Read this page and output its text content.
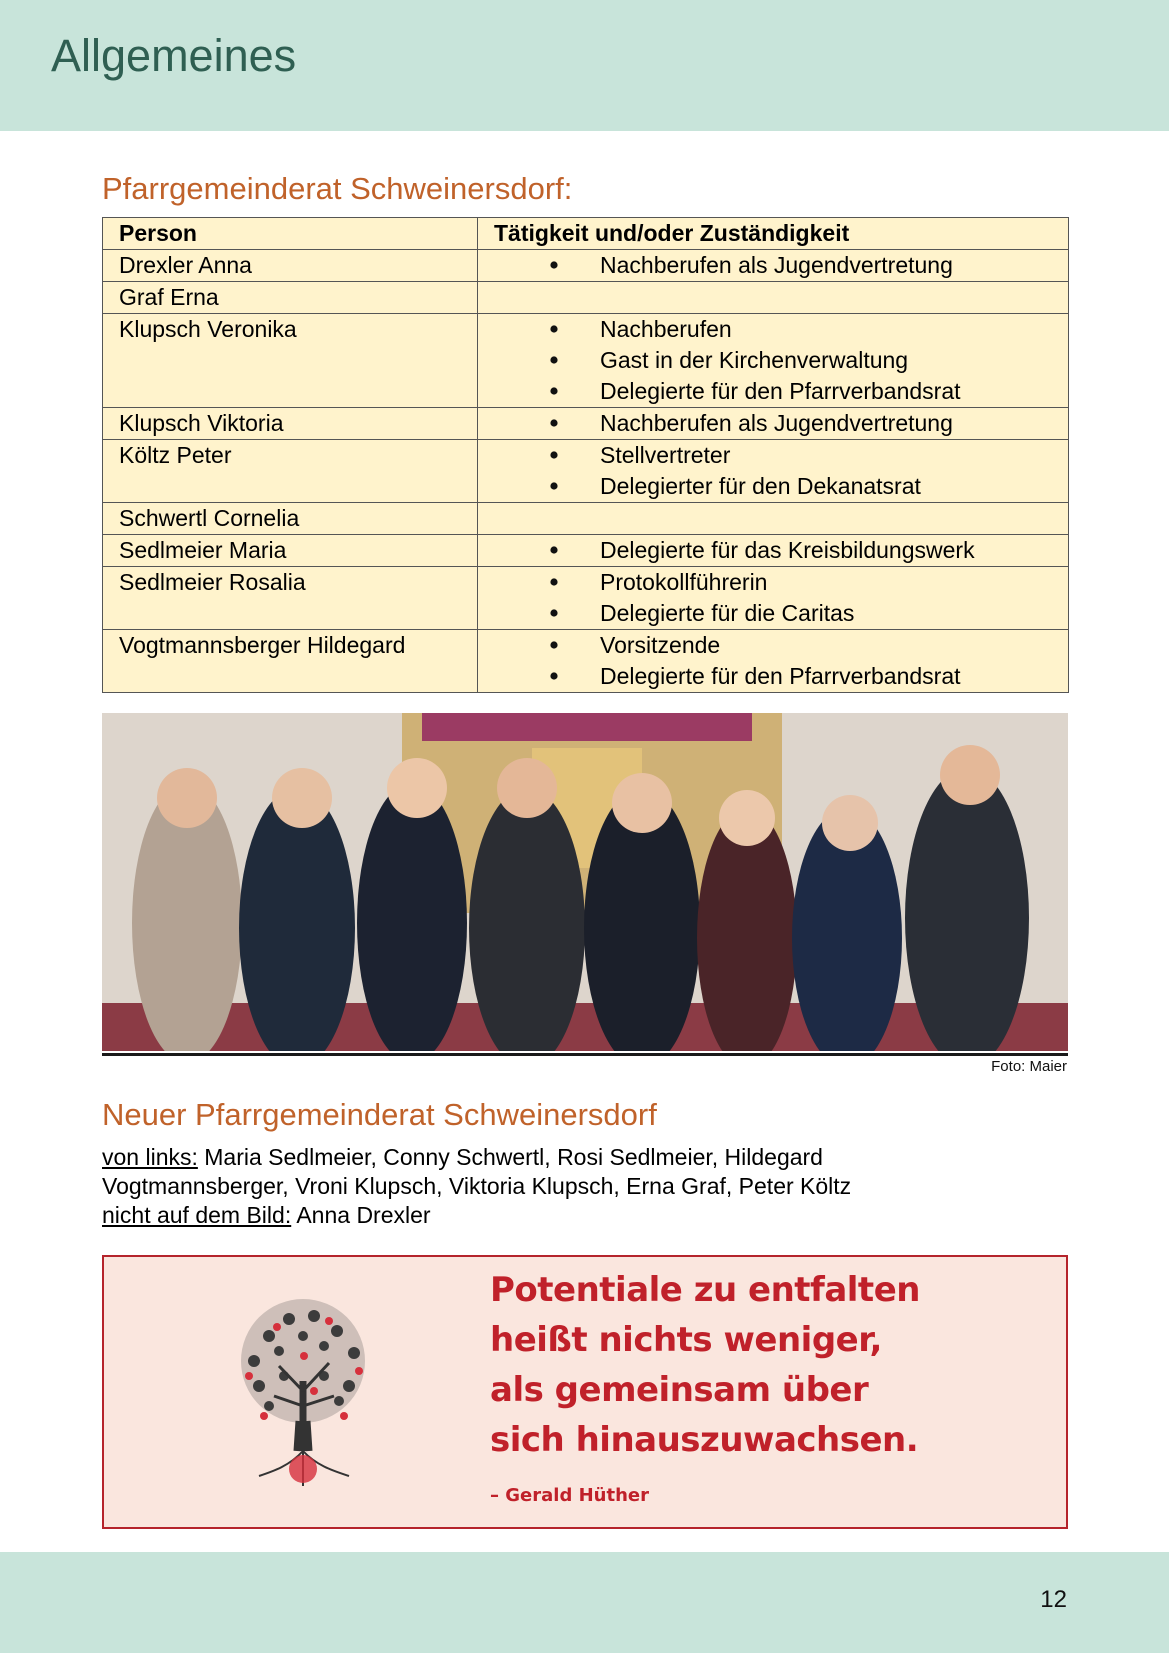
Allgemeines
Pfarrgemeinderat Schweinersdorf:
Person	Tätigkeit und/oder Zuständigkeit
Drexler Anna	Nachberufen als Jugendvertretung

Graf Erna	
Klupsch Veronika	Nachberufen
Gast in der Kirchenverwaltung
Delegierte für den Pfarrverbandsrat

Klupsch Viktoria	Nachberufen als Jugendvertretung

Költz Peter	Stellvertreter
Delegierter für den Dekanatsrat

Schwertl Cornelia	
Sedlmeier Maria	Delegierte für das Kreisbildungswerk

Sedlmeier Rosalia	Protokollführerin
Delegierte für die Caritas

Vogtmannsberger Hildegard	Vorsitzende
Delegierte für den Pfarrverbandsrat
Foto: Maier
Neuer Pfarrgemeinderat Schweinersdorf
von links: Maria Sedlmeier, Conny Schwertl, Rosi Sedlmeier, Hildegard Vogtmannsberger, Vroni Klupsch, Viktoria Klupsch, Erna Graf, Peter Költz
nicht auf dem Bild: Anna Drexler
Potentiale zu entfalten
heißt nichts weniger,
als gemeinsam über
sich hinauszuwachsen.
– Gerald Hüther
12
